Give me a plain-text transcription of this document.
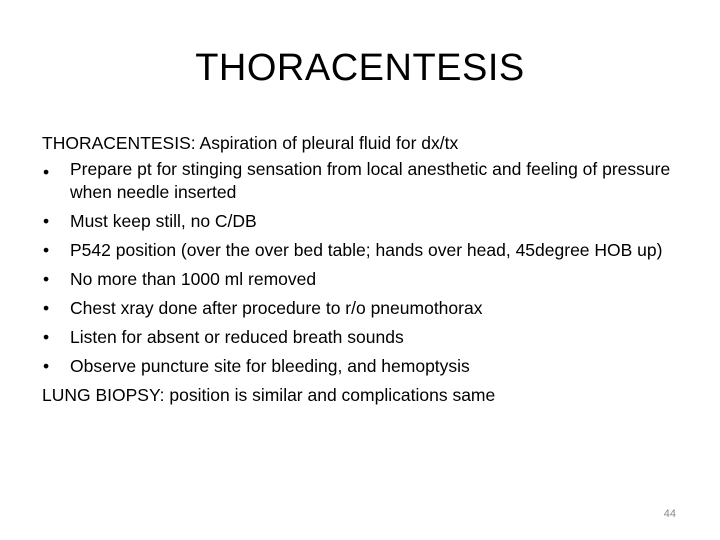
THORACENTESIS

THORACENTESIS: Aspiration of pleural fluid for dx/tx

• Prepare pt for stinging sensation from local anesthetic and feeling of pressure when needle inserted
• Must keep still, no C/DB
• P542 position (over the over bed table; hands over head, 45degree HOB up)
• No more than 1000 ml removed
• Chest xray done after procedure to r/o pneumothorax
• Listen for absent or reduced breath sounds
• Observe puncture site for bleeding, and hemoptysis

LUNG BIOPSY: position is similar and complications same

44
